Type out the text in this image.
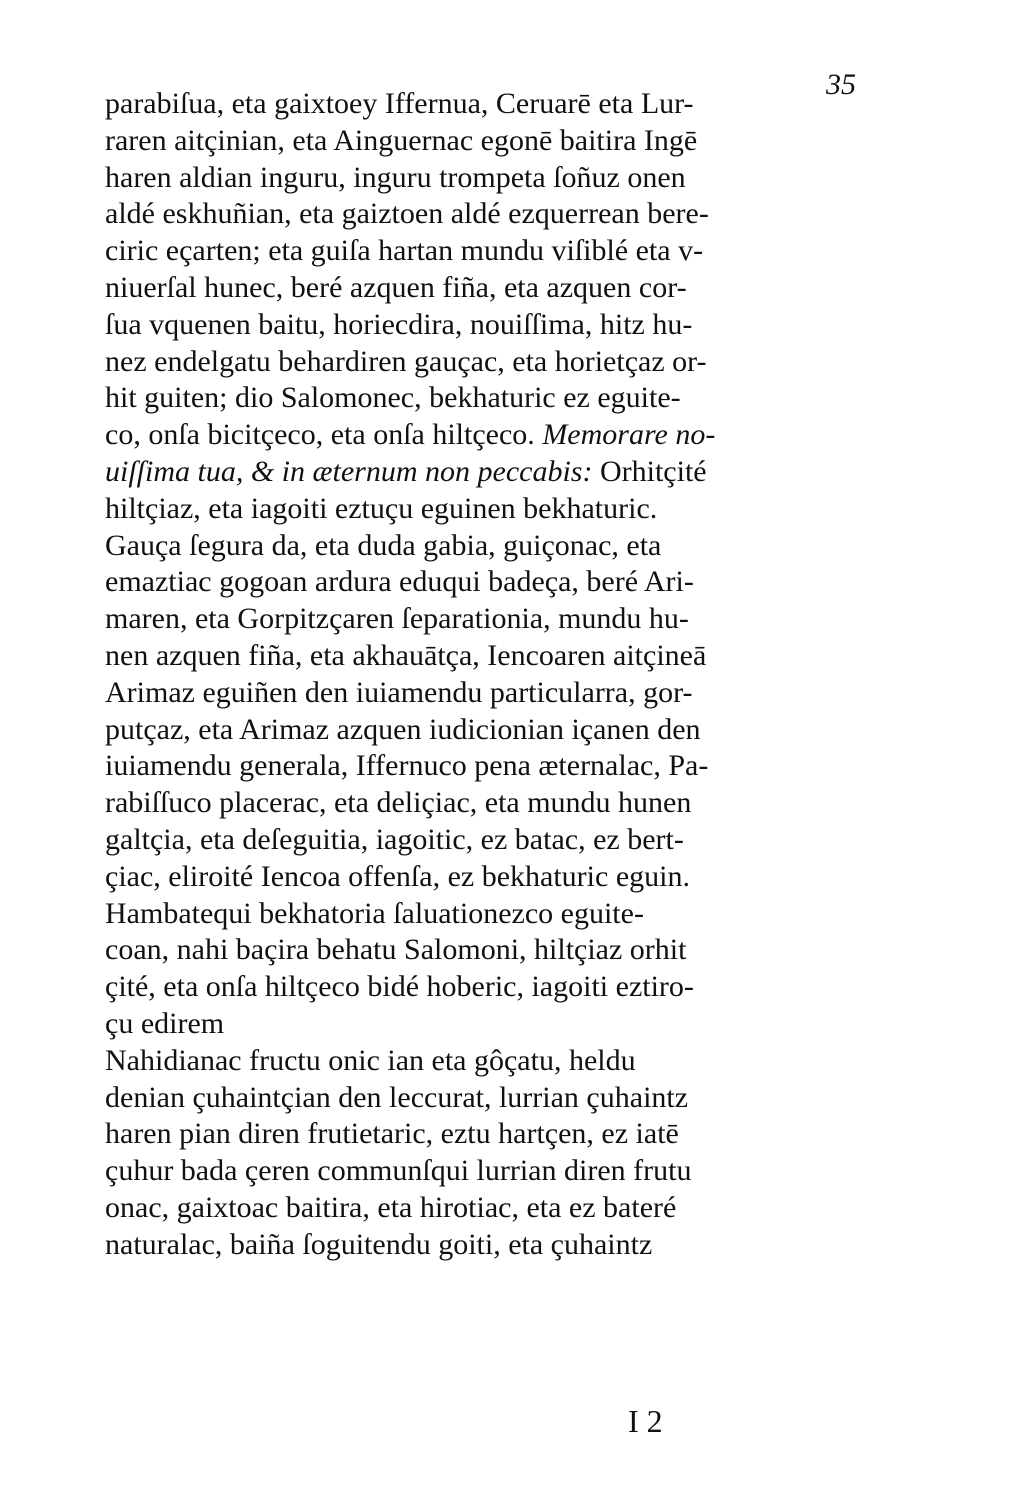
35
parabiſua, eta gaixtoey Iffernua, Ceruarē eta Lur-
raren aitçinian, eta Ainguernac egonē baitira Ingē
haren aldian inguru, inguru trompeta ſoñuz onen
aldé eskhuñian, eta gaiztoen aldé ezquerrean bere-
ciric eçarten; eta guiſa hartan mundu viſiblé eta v-
niuerſal hunec, beré azquen fiña, eta azquen cor-
ſua vquenen baitu, horiecdira, nouiſſima, hitz hu-
nez endelgatu behardiren gauçac, eta horietçaz or-
hit guiten; dio Salomonec, bekhaturic ez eguite-
co, onſa bicitçeco, eta onſa hiltçeco. Memorare no-
uiſſima tua, & in æternum non peccabis: Orhitçité
hiltçiaz, eta iagoiti eztuçu eguinen bekhaturic.
Gauça ſegura da, eta duda gabia, guiçonac, eta
emaztiac gogoan ardura eduqui badeça, beré Ari-
maren, eta Gorpitzçaren ſeparationia, mundu hu-
nen azquen fiña, eta akhauātça, Iencoaren aitçineā
Arimaz eguiñen den iuiamendu particularra, gor-
putçaz, eta Arimaz azquen iudicionian içanen den
iuiamendu generala, Iffernuco pena æternalac, Pa-
rabiſſuco placerac, eta deliçiac, eta mundu hunen
galtçia, eta deſeguitia, iagoitic, ez batac, ez bert-
çiac, eliroité Iencoa offenſa, ez bekhaturic eguin.
Hambatequi bekhatoria ſaluationezco eguite-
coan, nahi baçira behatu Salomoni, hiltçiaz orhit
çité, eta onſa hiltçeco bidé hoberic, iagoiti eztiro-
çu edirem
Nahidianac fructu onic ian eta gôçatu, heldu
denian çuhaintçian den leccurat, lurrian çuhaintz
haren pian diren frutietaric, eztu hartçen, ez iatē
çuhur bada çeren communſqui lurrian diren frutu
onac, gaixtoac baitira, eta hirotiac, eta ez bateré
naturalac, baiña ſoguitendu goiti, eta çuhaintz
I 2
